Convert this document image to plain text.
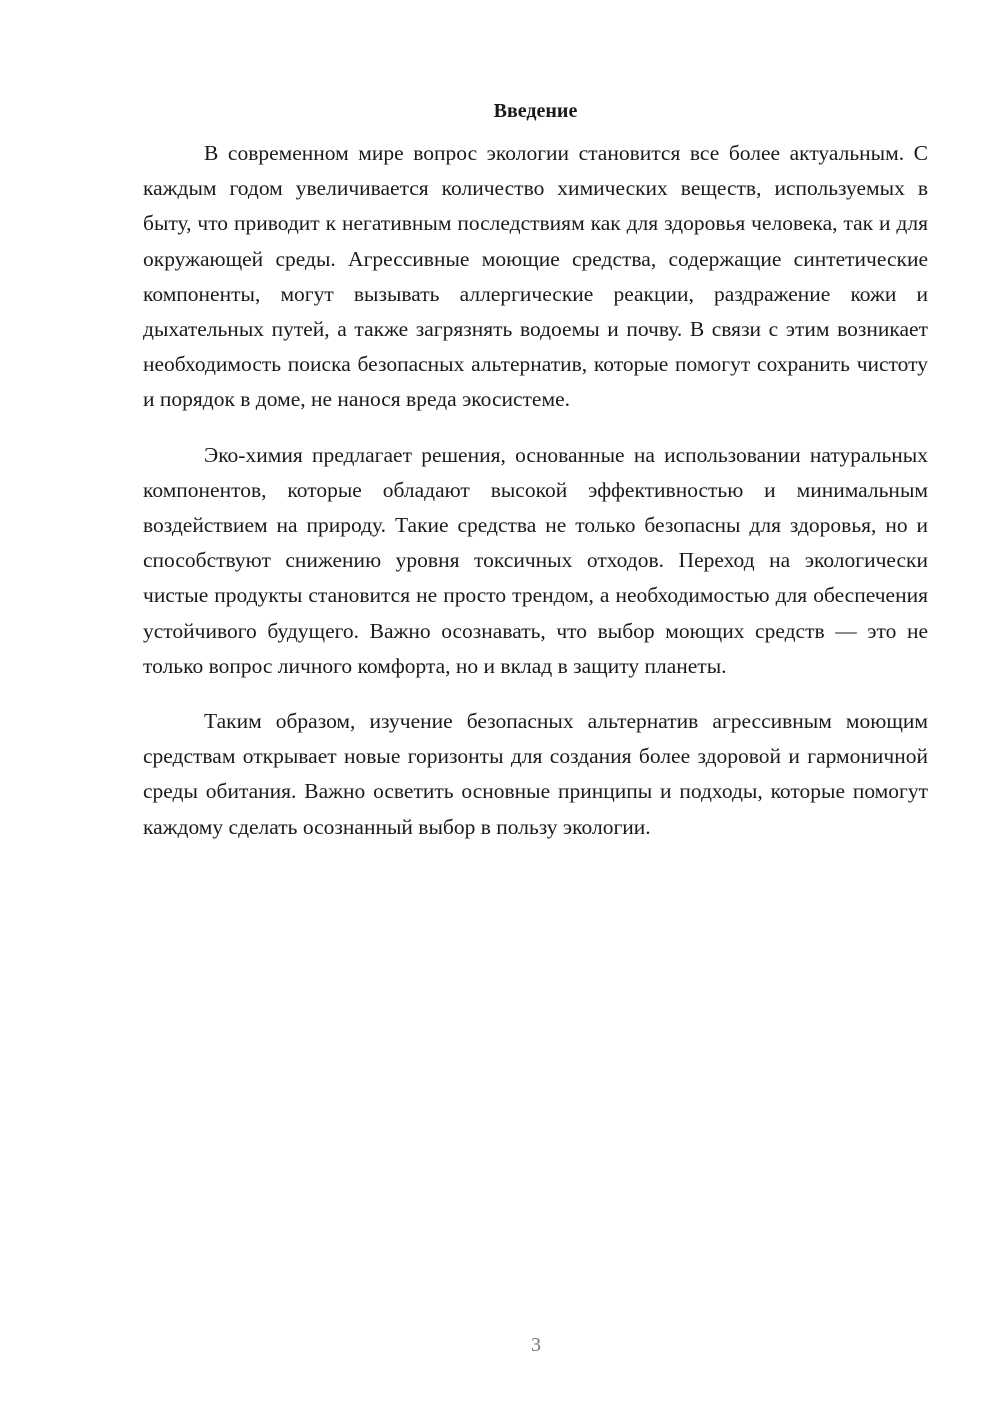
Введение

В современном мире вопрос экологии становится все более актуальным. С каждым годом увеличивается количество химических веществ, используемых в быту, что приводит к негативным последствиям как для здоровья человека, так и для окружающей среды. Агрессивные моющие средства, содержащие синтетические компоненты, могут вызывать аллергические реакции, раздражение кожи и дыхательных путей, а также загрязнять водоемы и почву. В связи с этим возникает необходимость поиска безопасных альтернатив, которые помогут сохранить чистоту и порядок в доме, не нанося вреда экосистеме.

Эко-химия предлагает решения, основанные на использовании натуральных компонентов, которые обладают высокой эффективностью и минимальным воздействием на природу. Такие средства не только безопасны для здоровья, но и способствуют снижению уровня токсичных отходов. Переход на экологически чистые продукты становится не просто трендом, а необходимостью для обеспечения устойчивого будущего. Важно осознавать, что выбор моющих средств — это не только вопрос личного комфорта, но и вклад в защиту планеты.

Таким образом, изучение безопасных альтернатив агрессивным моющим средствам открывает новые горизонты для создания более здоровой и гармоничной среды обитания. Важно осветить основные принципы и подходы, которые помогут каждому сделать осознанный выбор в пользу экологии.

3
